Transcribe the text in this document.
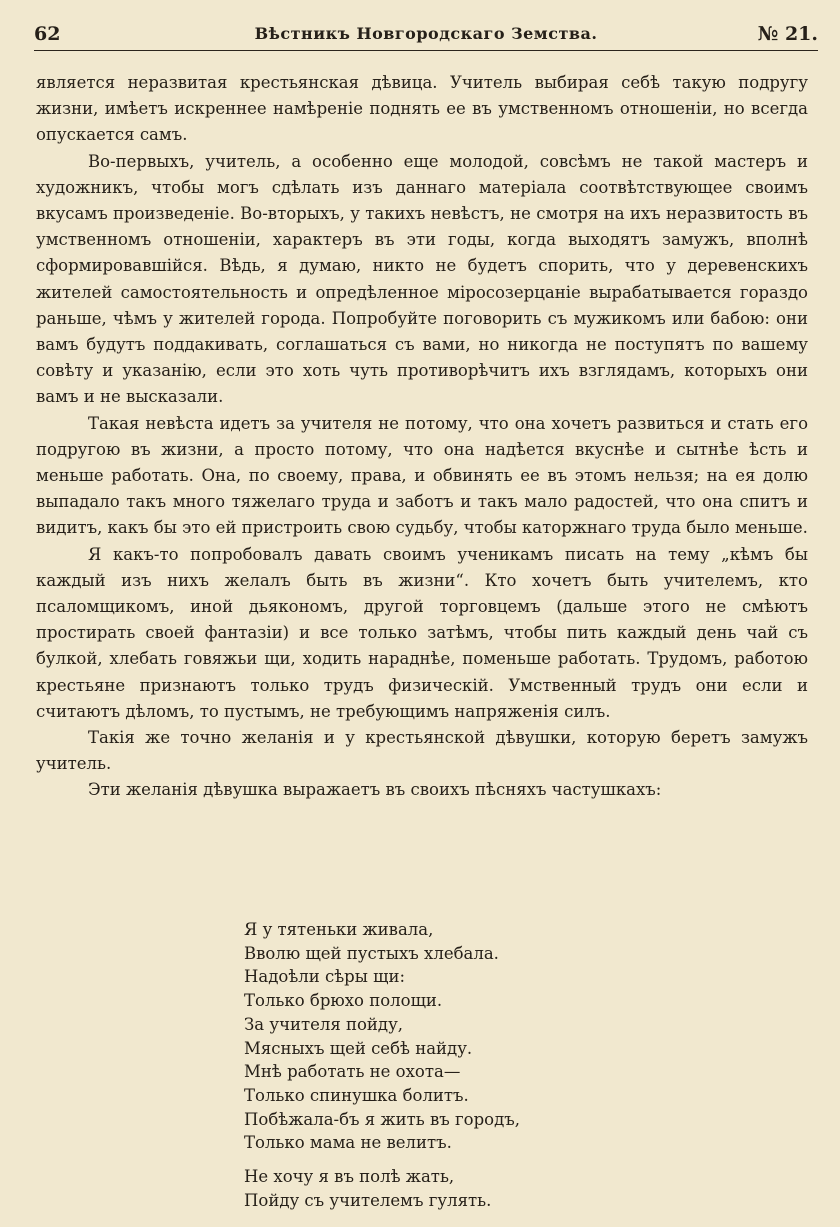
62	Вѣстникъ Новгородскаго Земства.	№ 21.

является неразвитая крестьянская дѣвица. Учитель выбирая себѣ такую подругу жизни, имѣетъ искреннее намѣреніе поднять ее въ умственномъ отношеніи, но всегда опускается самъ.

Во-первыхъ, учитель, а особенно еще молодой, совсѣмъ не такой мастеръ и художникъ, чтобы могъ сдѣлать изъ даннаго матеріала соотвѣтствующее своимъ вкусамъ произведеніе. Во-вторыхъ, у такихъ невѣстъ, не смотря на ихъ неразвитость въ умственномъ отношеніи, характеръ въ эти годы, когда выходятъ замужъ, вполнѣ сформировавшійся. Вѣдь, я думаю, никто не будетъ спорить, что у деревенскихъ жителей самостоятельность и опредѣленное міросозерцаніе вырабатывается гораздо раньше, чѣмъ у жителей города. Попробуйте поговорить съ мужикомъ или бабою: они вамъ будутъ поддакивать, соглашаться съ вами, но никогда не поступятъ по вашему совѣту и указанію, если это хоть чуть противорѣчитъ ихъ взглядамъ, которыхъ они вамъ и не высказали.

Такая невѣста идетъ за учителя не потому, что она хочетъ развиться и стать его подругою въ жизни, а просто потому, что она надѣется вкуснѣе и сытнѣе ѣсть и меньше работать. Она, по своему, права, и обвинять ее въ этомъ нельзя; на ея долю выпадало такъ много тяжелаго труда и заботъ и такъ мало радостей, что она спитъ и видитъ, какъ бы это ей пристроить свою судьбу, чтобы каторжнаго труда было меньше.

Я какъ-то попробовалъ давать своимъ ученикамъ писать на тему „кѣмъ бы каждый изъ нихъ желалъ быть въ жизни“. Кто хочетъ быть учителемъ, кто псаломщикомъ, иной дьякономъ, другой торговцемъ (дальше этого не смѣютъ простирать своей фантазіи) и все только затѣмъ, чтобы пить каждый день чай съ булкой, хлебать говяжьи щи, ходить нараднѣе, поменьше работать. Трудомъ, работою крестьяне признаютъ только трудъ физическій. Умственный трудъ они если и считаютъ дѣломъ, то пустымъ, не требующимъ напряженія силъ.

Такія же точно желанія и у крестьянской дѣвушки, которую беретъ замужъ учитель.

Эти желанія дѣвушка выражаетъ въ своихъ пѣсняхъ частушкахъ:

Я у тятеньки живала,
Вволю щей пустыхъ хлебала.
Надоѣли сѣры щи:
Только брюхо полощи.
За учителя пойду,
Мясныхъ щей себѣ найду.
Мнѣ работать не охота—
Только спинушка болитъ.
Побѣжала-бъ я жить въ городъ,
Только мама не велитъ.
Не хочу я въ полѣ жать,
Пойду съ учителемъ гулять.
